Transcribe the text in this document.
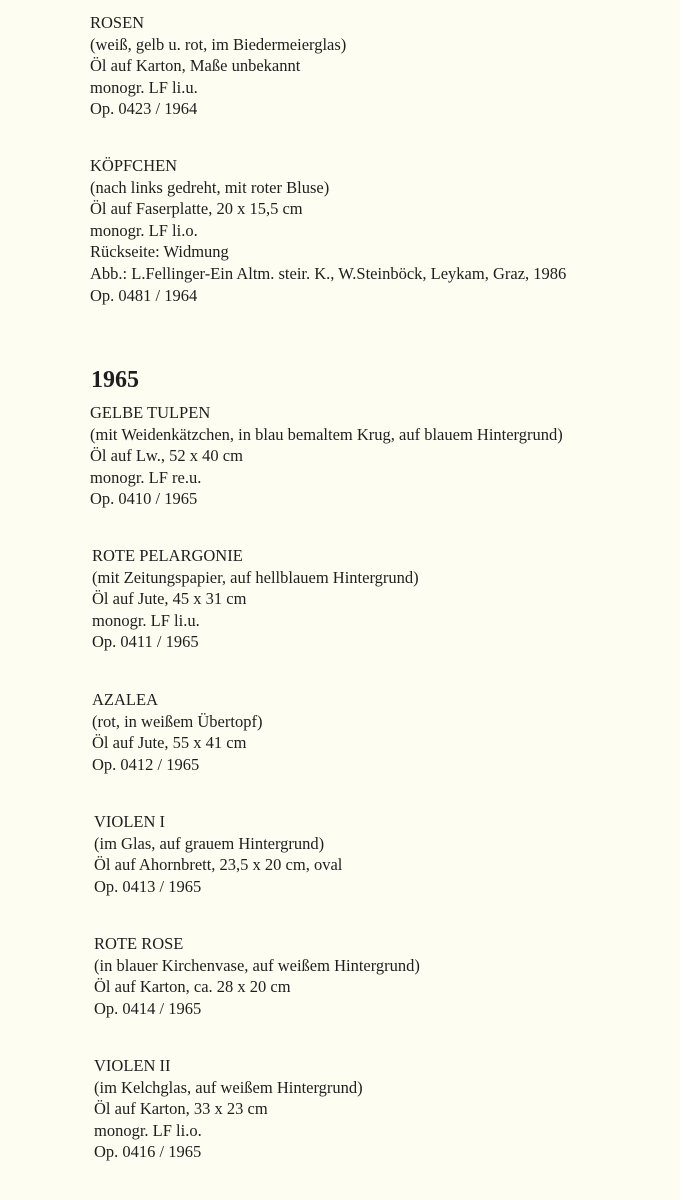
ROSEN
(weiß, gelb u. rot, im Biedermeierglas)
Öl auf Karton, Maße unbekannt
monogr. LF li.u.
Op. 0423 / 1964
KÖPFCHEN
(nach links gedreht, mit roter Bluse)
Öl auf Faserplatte, 20 x 15,5 cm
monogr. LF li.o.
Rückseite: Widmung
Abb.: L.Fellinger-Ein Altm. steir. K., W.Steinböck, Leykam, Graz, 1986
Op. 0481 / 1964
1965
GELBE TULPEN
(mit Weidenkätzchen, in blau bemaltem Krug, auf blauem Hintergrund)
Öl auf Lw., 52 x 40 cm
monogr. LF re.u.
Op. 0410 / 1965
ROTE PELARGONIE
(mit Zeitungspapier, auf hellblauem Hintergrund)
Öl auf Jute, 45 x 31 cm
monogr. LF li.u.
Op. 0411 / 1965
AZALEA
(rot, in weißem Übertopf)
Öl auf Jute, 55 x 41 cm
Op. 0412 / 1965
VIOLEN I
(im Glas, auf grauem Hintergrund)
Öl auf Ahornbrett, 23,5 x 20 cm, oval
Op. 0413 / 1965
ROTE ROSE
(in blauer Kirchenvase, auf weißem Hintergrund)
Öl auf Karton, ca. 28 x 20 cm
Op. 0414 / 1965
VIOLEN II
(im Kelchglas, auf weißem Hintergrund)
Öl auf Karton, 33 x 23 cm
monogr. LF li.o.
Op. 0416 / 1965
